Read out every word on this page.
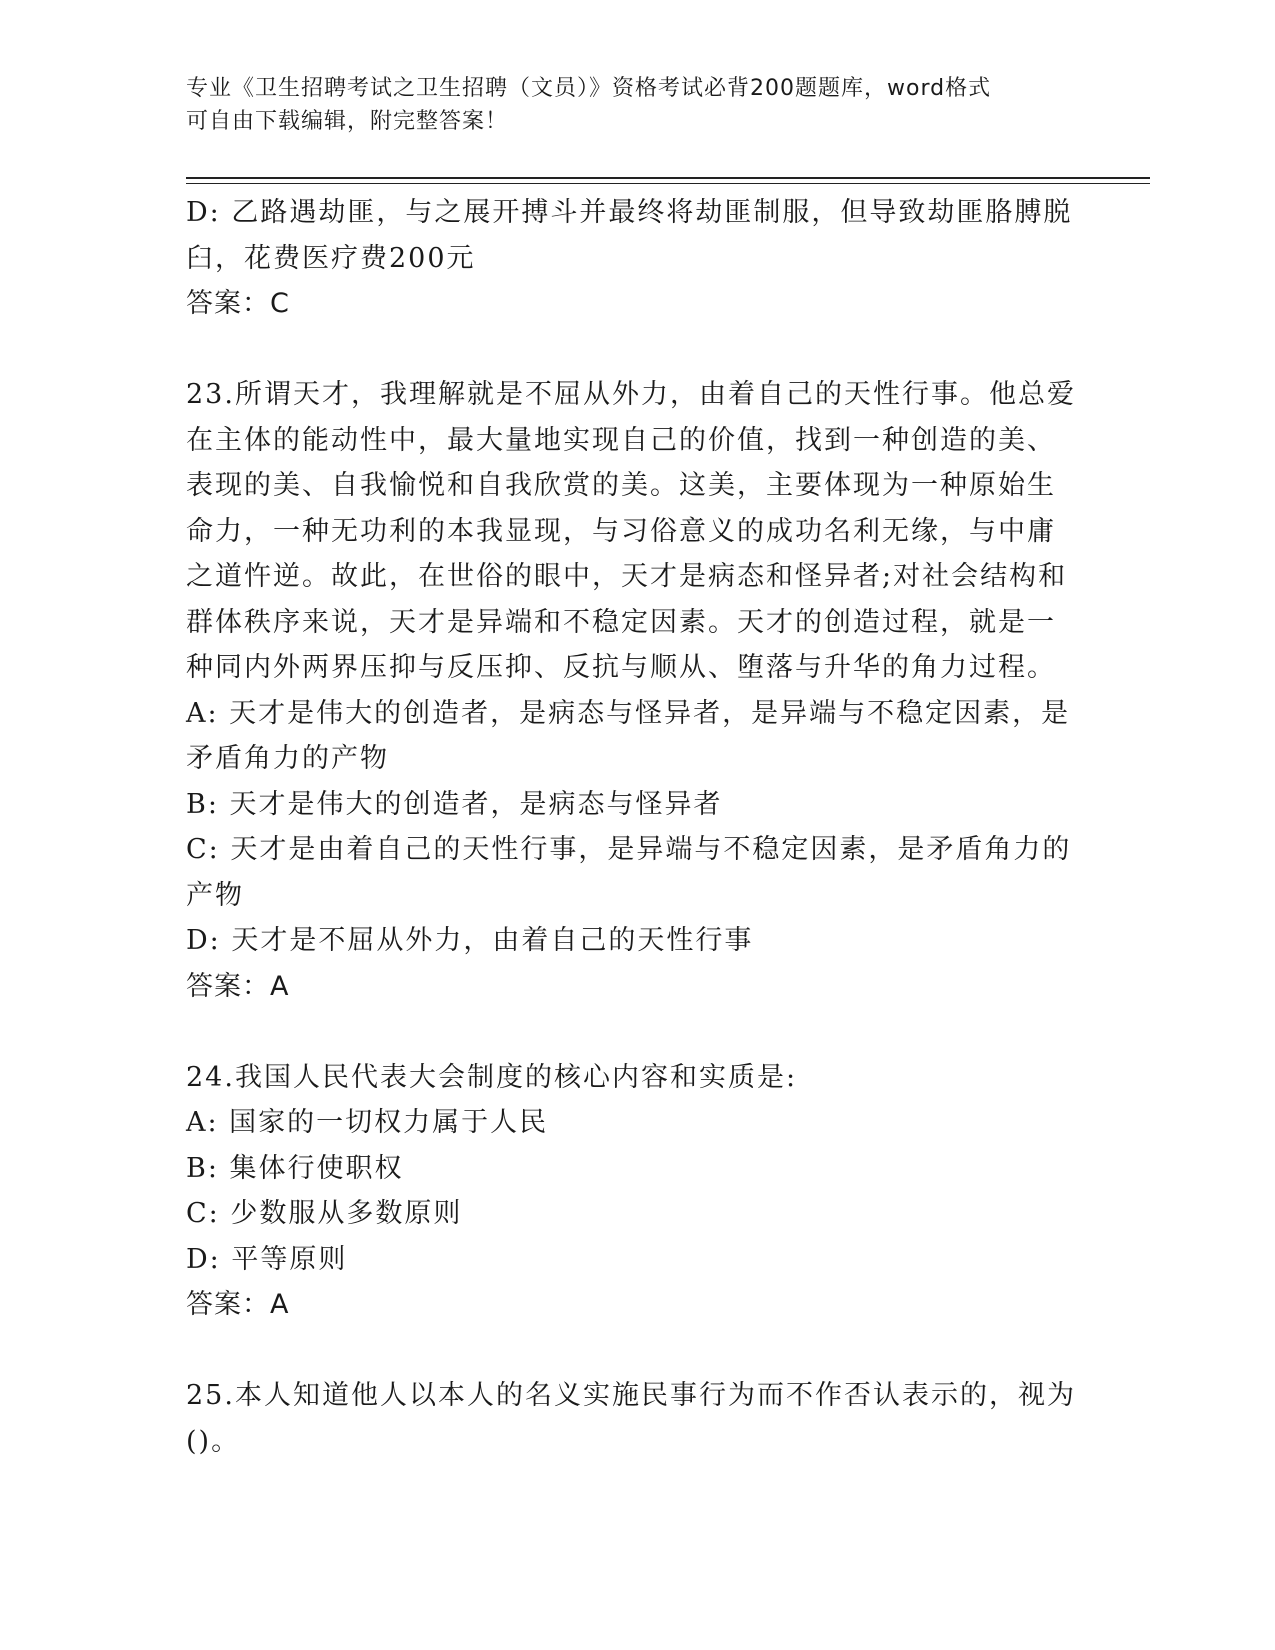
专业《卫生招聘考试之卫生招聘（文员）》资格考试必背200题题库，word格式
可自由下载编辑，附完整答案！
D: 乙路遇劫匪，与之展开搏斗并最终将劫匪制服，但导致劫匪胳膊脱
臼，花费医疗费200元
答案：C
23.所谓天才，我理解就是不屈从外力，由着自己的天性行事。他总爱
在主体的能动性中，最大量地实现自己的价值，找到一种创造的美、
表现的美、自我愉悦和自我欣赏的美。这美，主要体现为一种原始生
命力，一种无功利的本我显现，与习俗意义的成功名利无缘，与中庸
之道忤逆。故此，在世俗的眼中，天才是病态和怪异者;对社会结构和
群体秩序来说，天才是异端和不稳定因素。天才的创造过程，就是一
种同内外两界压抑与反压抑、反抗与顺从、堕落与升华的角力过程。
A: 天才是伟大的创造者，是病态与怪异者，是异端与不稳定因素，是
矛盾角力的产物
B: 天才是伟大的创造者，是病态与怪异者
C: 天才是由着自己的天性行事，是异端与不稳定因素，是矛盾角力的
产物
D: 天才是不屈从外力，由着自己的天性行事
答案：A
24.我国人民代表大会制度的核心内容和实质是:
A: 国家的一切权力属于人民
B: 集体行使职权
C: 少数服从多数原则
D: 平等原则
答案：A
25.本人知道他人以本人的名义实施民事行为而不作否认表示的，视为
()。
